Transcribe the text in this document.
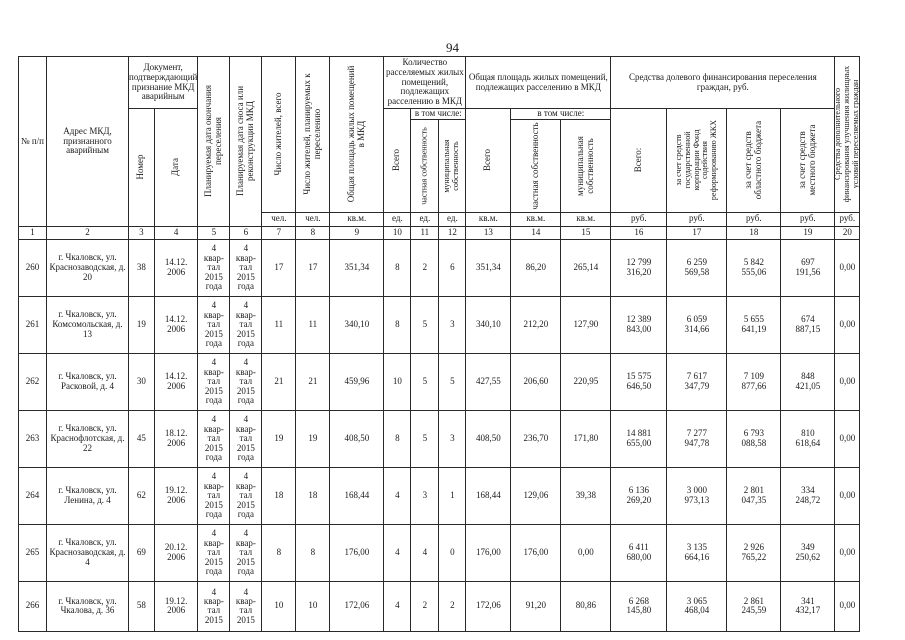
94
№ п/п	Адрес МКД, признанного аварийным	Документ, подтверждающий признание МКД аварийным		Планируемая дата окончания переселения	Планируемая дата сноса или реконструкции МКД	Число жителей, всего	Число жителей, планируемых к переселению	Общая площадь жилых помещений в МКД	Количество расселяемых жилых помещений, подлежащих расселению в МКД			Общая площадь жилых помещений, подлежащих расселению в МКД			Средства долевого финансирования переселения граждан, руб.				Средства дополнительного финансирования улучшения жилищных условий переселяемых граждан

		Номер	Дата						Всего	в том числе:		Всего	в том числе:		Всего:	за счет средств государственной корпорации Фонд содействия реформированию ЖКХ	за счет средств областного бюджета	за счет средств местного бюджета	

										частная собственность	муниципальная собственность		частная собственность	муниципальная собственность					

						чел.	чел.	кв.м.	ед.	ед.	ед.	кв.м.	кв.м.	кв.м.	руб.	руб.	руб.	руб.	руб.
1	2	3	4	5	6	7	8	9	10	11	12	13	14	15	16	17	18	19	20
260	г. Чкаловск, ул. Краснозаводская, д. 20	38	14.12.
2006	4
квар-
тал
2015
года	4
квар-
тал
2015
года	17	17	351,34	8	2	6	351,34	86,20	265,14	12 799
316,20	6 259
569,58	5 842
555,06	697
191,56	0,00
261	г. Чкаловск, ул. Комсомольская, д. 13	19	14.12.
2006	4
квар-
тал
2015
года	4
квар-
тал
2015
года	11	11	340,10	8	5	3	340,10	212,20	127,90	12 389
843,00	6 059
314,66	5 655
641,19	674
887,15	0,00
262	г. Чкаловск, ул. Расковой, д. 4	30	14.12.
2006	4
квар-
тал
2015
года	4
квар-
тал
2015
года	21	21	459,96	10	5	5	427,55	206,60	220,95	15 575
646,50	7 617
347,79	7 109
877,66	848
421,05	0,00
263	г. Чкаловск, ул. Краснофлотская, д. 22	45	18.12.
2006	4
квар-
тал
2015
года	4
квар-
тал
2015
года	19	19	408,50	8	5	3	408,50	236,70	171,80	14 881
655,00	7 277
947,78	6 793
088,58	810
618,64	0,00
264	г. Чкаловск, ул. Ленина, д. 4	62	19.12.
2006	4
квар-
тал
2015
года	4
квар-
тал
2015
года	18	18	168,44	4	3	1	168,44	129,06	39,38	6 136
269,20	3 000
973,13	2 801
047,35	334
248,72	0,00
265	г. Чкаловск, ул. Краснозаводская, д. 4	69	20.12.
2006	4
квар-
тал
2015
года	4
квар-
тал
2015
года	8	8	176,00	4	4	0	176,00	176,00	0,00	6 411
680,00	3 135
664,16	2 926
765,22	349
250,62	0,00
266	г. Чкаловск, ул. Чкалова, д. 36	58	19.12.
2006	4
квар-
тал
2015	4
квар-
тал
2015	10	10	172,06	4	2	2	172,06	91,20	80,86	6 268
145,80	3 065
468,04	2 861
245,59	341
432,17	0,00
